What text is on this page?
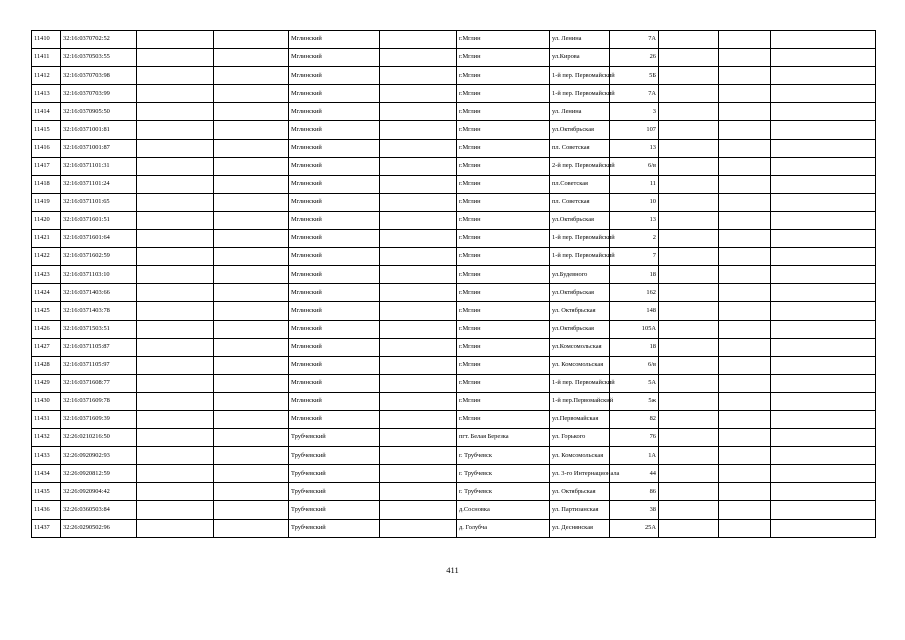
11410	32:16:0370702:52			Мглинский		г.Мглин	ул. Ленина	7А			
11411	32:16:0370503:55			Мглинский		г.Мглин	ул.Кирова	26			
11412	32:16:0370703:98			Мглинский		г.Мглин	1-й пер. Первомайский	5Б			
11413	32:16:0370703:99			Мглинский		г.Мглин	1-й пер. Первомайский	7А			
11414	32:16:0370905:50			Мглинский		г.Мглин	ул. Ленина	3			
11415	32:16:0371001:81			Мглинский		г.Мглин	ул.Октябрьская	107			
11416	32:16:0371001:87			Мглинский		г.Мглин	пл. Советская	13			
11417	32:16:0371101:31			Мглинский		г.Мглин	2-й пер. Первомайский	6/в			
11418	32:16:0371101:24			Мглинский		г.Мглин	пл.Советская	11			
11419	32:16:0371101:65			Мглинский		г.Мглин	пл. Советская	10			
11420	32:16:0371601:51			Мглинский		г.Мглин	ул.Октябрьская	13			
11421	32:16:0371601:64			Мглинский		г.Мглин	1-й пер. Первомайский	2			
11422	32:16:0371602:59			Мглинский		г.Мглин	1-й пер. Первомайский	7			
11423	32:16:0371103:10			Мглинский		г.Мглин	ул.Будевного	18			
11424	32:16:0371403:66			Мглинский		г.Мглин	ул.Октябрьская	162			
11425	32:16:0371403:78			Мглинский		г.Мглин	ул. Октябрьская	148			
11426	32:16:0371503:51			Мглинский		г.Мглин	ул.Октябрьская	105А			
11427	32:16:0371105:87			Мглинский		г.Мглин	ул.Комсомольская	18			
11428	32:16:0371105:97			Мглинский		г.Мглин	ул. Комсомольская	6/в			
11429	32:16:0371608:77			Мглинский		г.Мглин	1-й пер. Первомайский	5А			
11430	32:16:0371609:78			Мглинский		г.Мглин	1-й пер.Первомайский	5ж			
11431	32:16:0371609:39			Мглинский		г.Мглин	ул.Первомайская	82			
11432	32:26:0210216:50			Трубчевский		пгт. Белая Березка	ул. Горького	76			
11433	32:26:0920902:93			Трубчевский		г. Трубчевск	ул. Комсомольская	1А			
11434	32:26:0920812:59			Трубчевский		г. Трубчевск	ул. 3-го Интернационала	44			
11435	32:26:0920904:42			Трубчевский		г. Трубчевск	ул. Октябрьская	86			
11436	32:26:0360503:84			Трубчевский		д.Сосновка	ул. Партизанская	38			
11437	32:26:0290502:96			Трубчевский		д. Голубча	ул. Деснянская	25А			
411
